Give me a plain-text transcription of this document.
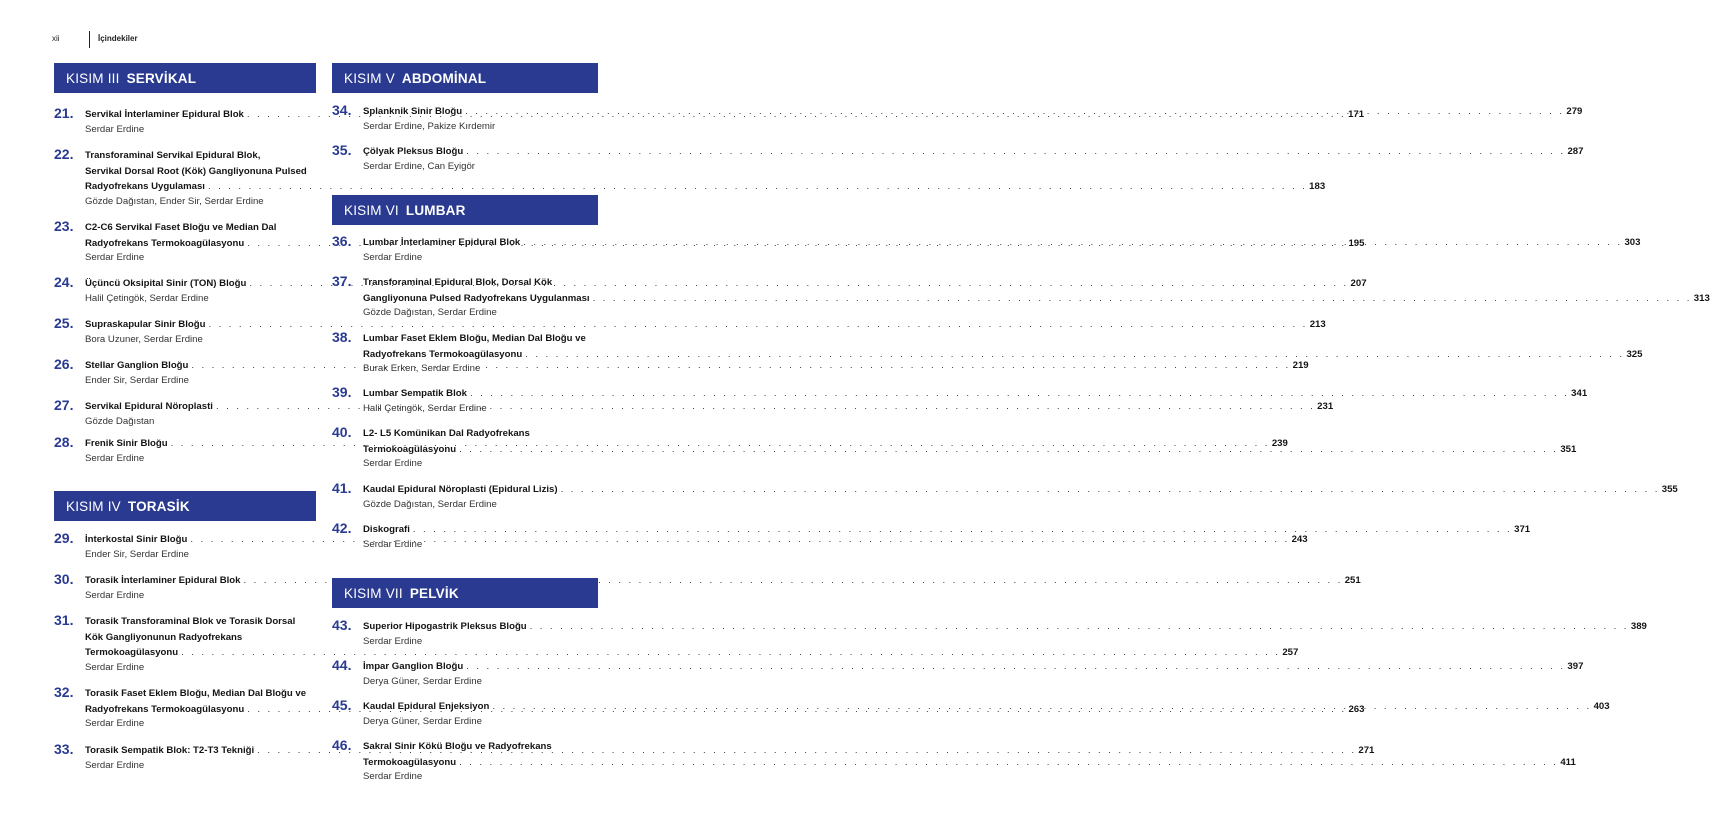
xii	İçindekiler
KISIM III SERVİKAL
21.	Servikal İnterlaminer Epidural Blok . . .	171
Serdar Erdine
22.	Transforaminal Servikal Epidural Blok,
Servikal Dorsal Root (Kök) Gangliyonuna Pulsed
Radyofrekans Uygulaması . . .	183
Gözde Dağıstan, Ender Sir, Serdar Erdine
23.	C2-C6 Servikal Faset Bloğu ve Median Dal
Radyofrekans Termokoagülasyonu . . .	195
Serdar Erdine
24.	Üçüncü Oksipital Sinir (TON) Bloğu . . .	207
Halil Çetingök, Serdar Erdine
25.	Supraskapular Sinir Bloğu . . .	213
Bora Uzuner, Serdar Erdine
26.	Stellar Ganglion Bloğu . . .	219
Ender Sir, Serdar Erdine
27.	Servikal Epidural Nöroplasti . . .	231
Gözde Dağıstan
28.	Frenik Sinir Bloğu . . .	239
Serdar Erdine
KISIM IV TORASİK
29.	İnterkostal Sinir Bloğu . . .	243
Ender Sir, Serdar Erdine
30.	Torasik İnterlaminer Epidural Blok . . .	251
Serdar Erdine
31.	Torasik Transforaminal Blok ve Torasik Dorsal
Kök Gangliyonunun Radyofrekans
Termokoagülasyonu . . .	257
Serdar Erdine
32.	Torasik Faset Eklem Bloğu, Median Dal Bloğu ve
Radyofrekans Termokoagülasyonu . . .	263
Serdar Erdine
33.	Torasik Sempatik Blok: T2-T3 Tekniği . . .	271
Serdar Erdine
KISIM V ABDOMİNAL
34.	Splanknik Sinir Bloğu . . .	279
Serdar Erdine, Pakize Kırdemir
35.	Çölyak Pleksus Bloğu . . .	287
Serdar Erdine, Can Eyigör
KISIM VI LUMBAR
36.	Lumbar İnterlaminer Epidural Blok . . .	303
Serdar Erdine
37.	Transforaminal Epidural Blok, Dorsal Kök
Gangliyonuna Pulsed Radyofrekans Uygulanması . . .	313
Gözde Dağıstan, Serdar Erdine
38.	Lumbar Faset Eklem Bloğu, Median Dal Bloğu ve
Radyofrekans Termokoagülasyonu . . .	325
Burak Erken, Serdar Erdine
39.	Lumbar Sempatik Blok . . .	341
Halil Çetingök, Serdar Erdine
40.	L2- L5 Komünikan Dal Radyofrekans
Termokoagülasyonu . . .	351
Serdar Erdine
41.	Kaudal Epidural Nöroplasti (Epidural Lizis) . . .	355
Gözde Dağıstan, Serdar Erdine
42.	Diskografi . . .	371
Serdar Erdine
KISIM VII PELVİK
43.	Superior Hipogastrik Pleksus Bloğu . . .	389
Serdar Erdine
44.	İmpar Ganglion Bloğu . . .	397
Derya Güner, Serdar Erdine
45.	Kaudal Epidural Enjeksiyon . . .	403
Derya Güner, Serdar Erdine
46.	Sakral Sinir Kökü Bloğu ve Radyofrekans
Termokoagülasyonu . . .	411
Serdar Erdine
